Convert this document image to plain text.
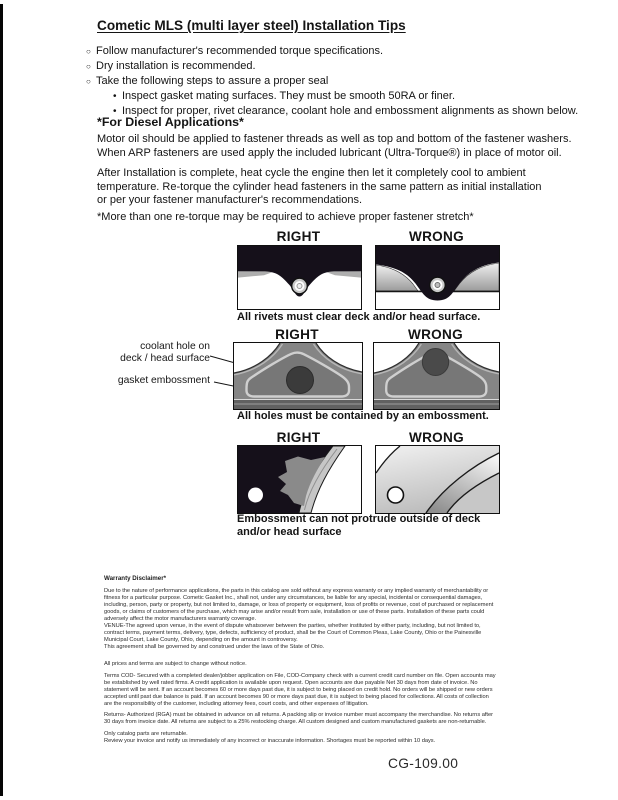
Cometic MLS (multi layer steel) Installation Tips
○ Follow manufacturer's recommended torque specifications.
○ Dry installation is recommended.
○ Take the following steps to assure a proper seal
• Inspect gasket mating surfaces. They must be smooth 50RA or finer.
• Inspect for proper, rivet clearance, coolant hole and embossment alignments as shown below.
*For Diesel Applications*
Motor oil should be applied to fastener threads as well as top and bottom of the fastener washers.
When ARP fasteners are used apply the included lubricant (Ultra-Torque®) in place of motor oil.
After Installation is complete, heat cycle the engine then let it completely cool to ambient
temperature. Re-torque the cylinder head fasteners in the same pattern as initial installation
or per your fastener manufacturer's recommendations.
*More than one re-torque may be required to achieve proper fastener stretch*
RIGHT	WRONG
All rivets must clear deck and/or head surface.
RIGHT	WRONG
coolant hole on
deck / head surface
gasket embossment
All holes must be contained by an embossment.
RIGHT	WRONG
Embossment can not protrude outside of deck
and/or head surface
Warranty Disclaimer*
Due to the nature of performance applications, the parts in this catalog are sold without any express warranty or any implied warranty of merchantability or
fitness for a particular purpose. Cometic Gasket Inc., shall not, under any circumstances, be liable for any special, incidental or consequential damages,
including, person, party or property, but not limited to, damage, or loss of property or equipment, loss of profits or revenue, cost of purchased or replacement
goods, or claims of customers of the purchase, which may arise and/or result from sale, installation or use of these parts. Installation of these parts could
adversely affect the motor manufacturers warranty coverage.
VENUE-The agreed upon venue, in the event of dispute whatsoever between the parties, whether instituted by either party, including, but not limited to,
contract terms, payment terms, delivery, type, defects, sufficiency of product, shall be the Court of Common Pleas, Lake County, Ohio or the Painesville
Municipal Court, Lake County, Ohio, depending on the amount in controversy.
This agreement shall be governed by and construed under the laws of the State of Ohio.
All prices and terms are subject to change without notice.
Terms COD- Secured with a completed dealer/jobber application on File, COD-Company check with a current credit card number on file. Open accounts may
be established by well rated firms. A credit application is available upon request. Open accounts are due payable Net 30 days from date of invoice. No
statement will be sent. If an account becomes 60 or more days past due, it is subject to being placed on credit hold. No orders will be shipped or new orders
accepted until past due balance is paid. If an account becomes 90 or more days past due, it is subject to being placed for collections. All costs of collection
are the responsibility of the customer, including attorney fees, court costs, and other expenses of litigation.
Returns- Authorized (RGA) must be obtained in advance on all returns. A packing slip or invoice number must accompany the merchandise. No returns after
30 days from invoice date. All returns are subject to a 25% restocking charge. All custom designed and custom manufactured gaskets are non-returnable.
Only catalog parts are returnable.
Review your invoice and notify us immediately of any incorrect or inaccurate information. Shortages must be reported within 10 days.
CG-109.00
